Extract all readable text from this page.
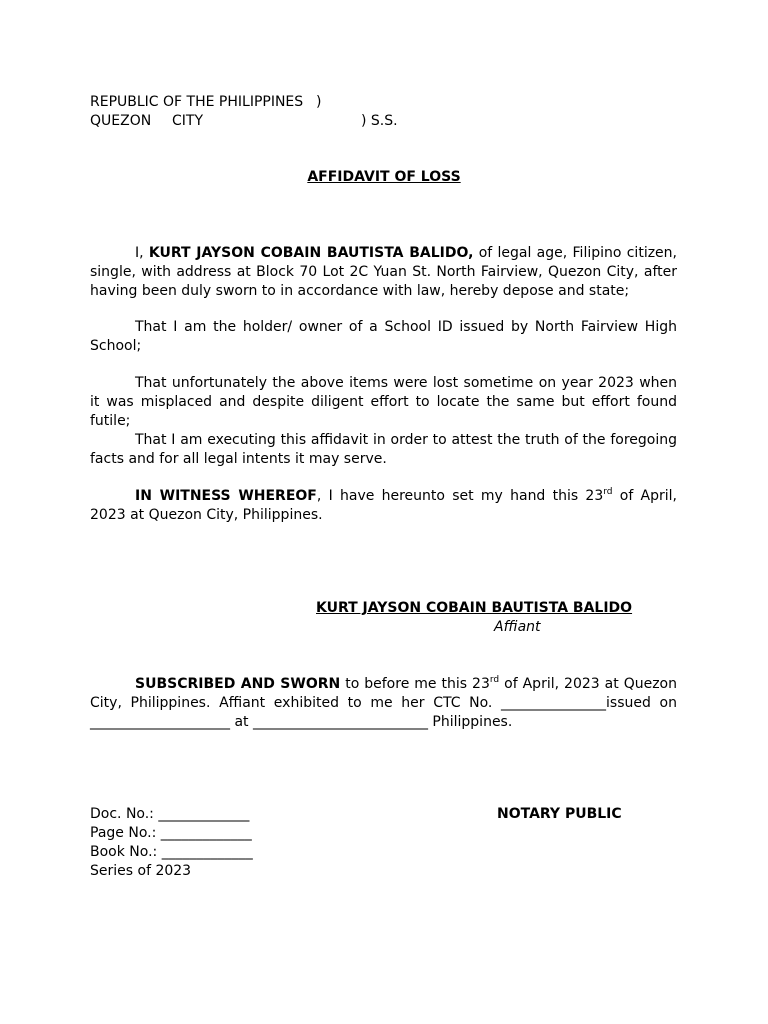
REPUBLIC OF THE PHILIPPINES )
QUEZON CITY	) S.S.
AFFIDAVIT OF LOSS
I, KURT JAYSON COBAIN BAUTISTA BALIDO, of legal age, Filipino citizen, single, with address at Block 70 Lot 2C Yuan St. North Fairview, Quezon City, after having been duly sworn to in accordance with law, hereby depose and state;
That I am the holder/ owner of a School ID issued by North Fairview High School;
That unfortunately the above items were lost sometime on year 2023 when it was misplaced and despite diligent effort to locate the same but effort found futile;
That I am executing this affidavit in order to attest the truth of the foregoing facts and for all legal intents it may serve.
IN WITNESS WHEREOF, I have hereunto set my hand this 23rd of April, 2023 at Quezon City, Philippines.
KURT JAYSON COBAIN BAUTISTA BALIDO
Affiant
SUBSCRIBED AND SWORN to before me this 23rd of April, 2023 at Quezon City, Philippines. Affiant exhibited to me her CTC No. _______________issued on ____________________ at _________________________ Philippines.
Doc. No.: _____________
Page No.: _____________
Book No.: _____________
Series of 2023
NOTARY PUBLIC
